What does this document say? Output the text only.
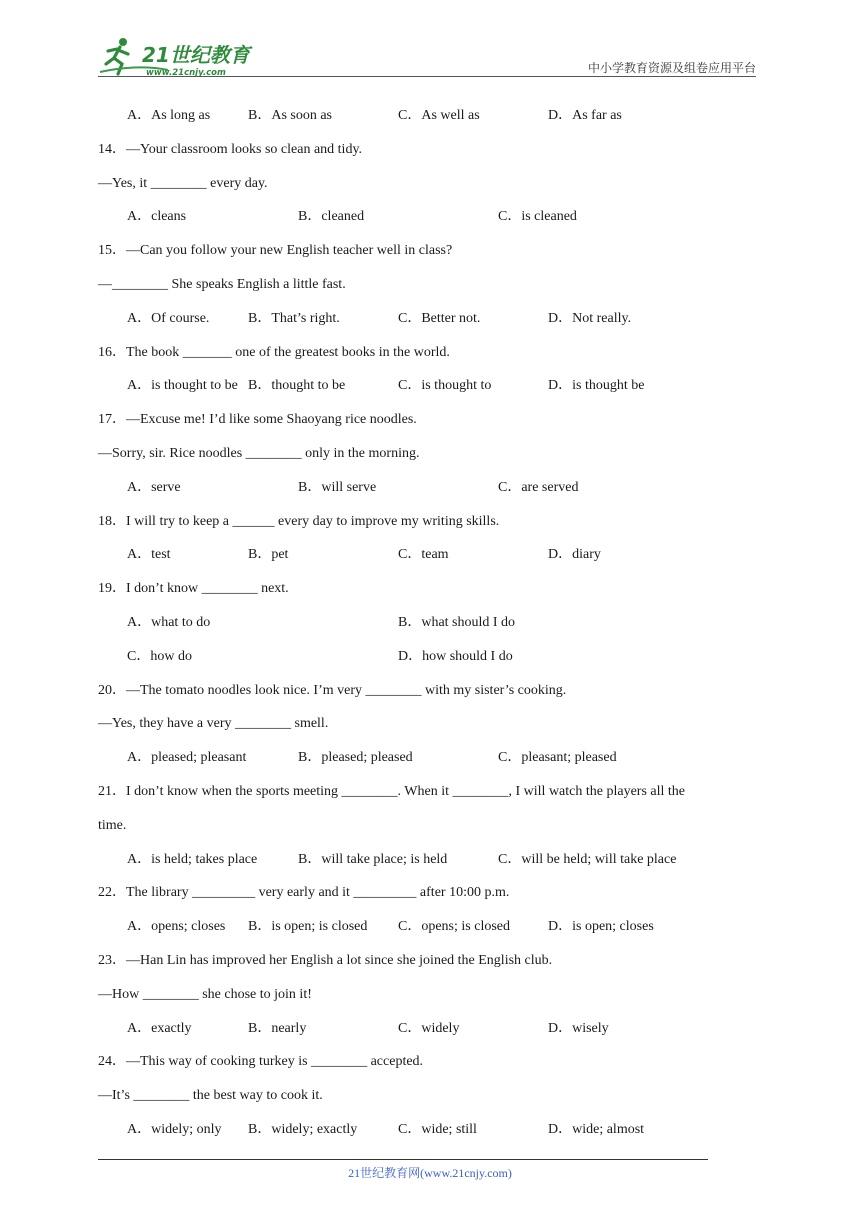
21世纪教育
www.21cnjy.com	中小学教育资源及组卷应用平台
A．As long as	B．As soon as	C．As well as	D．As far as
14．—Your classroom looks so clean and tidy.
—Yes, it ________ every day.
A．cleans	B．cleaned	C．is cleaned
15．—Can you follow your new English teacher well in class?
—________ She speaks English a little fast.
A．Of course.	B．That’s right.	C．Better not.	D．Not really.
16．The book _______ one of the greatest books in the world.
A．is thought to be B．thought to be	C．is thought to	D．is thought be
17．—Excuse me! I’d like some Shaoyang rice noodles.
—Sorry, sir. Rice noodles ________ only in the morning.
A．serve	B．will serve	C．are served
18．I will try to keep a ______ every day to improve my writing skills.
A．test	B．pet	C．team	D．diary
19．I don’t know ________ next.
A．what to do	B．what should I do
C．how do	D．how should I do
20．—The tomato noodles look nice. I’m very ________ with my sister’s cooking.
—Yes, they have a very ________ smell.
A．pleased; pleasant	B．pleased; pleased	C．pleasant; pleased
21．I don’t know when the sports meeting ________. When it ________, I will watch the players all the
time.
A．is held; takes place	B．will take place; is held	C．will be held; will take place
22．The library _________ very early and it _________ after 10:00 p.m.
A．opens; closes B．is open; is closed C．opens; is closed	D．is open; closes
23．—Han Lin has improved her English a lot since she joined the English club.
—How ________ she chose to join it!
A．exactly	B．nearly	C．widely	D．wisely
24．—This way of cooking turkey is ________ accepted.
—It’s ________ the best way to cook it.
A．widely; only B．widely; exactly	C．wide; still	D．wide; almost
21世纪教育网(www.21cnjy.com)
